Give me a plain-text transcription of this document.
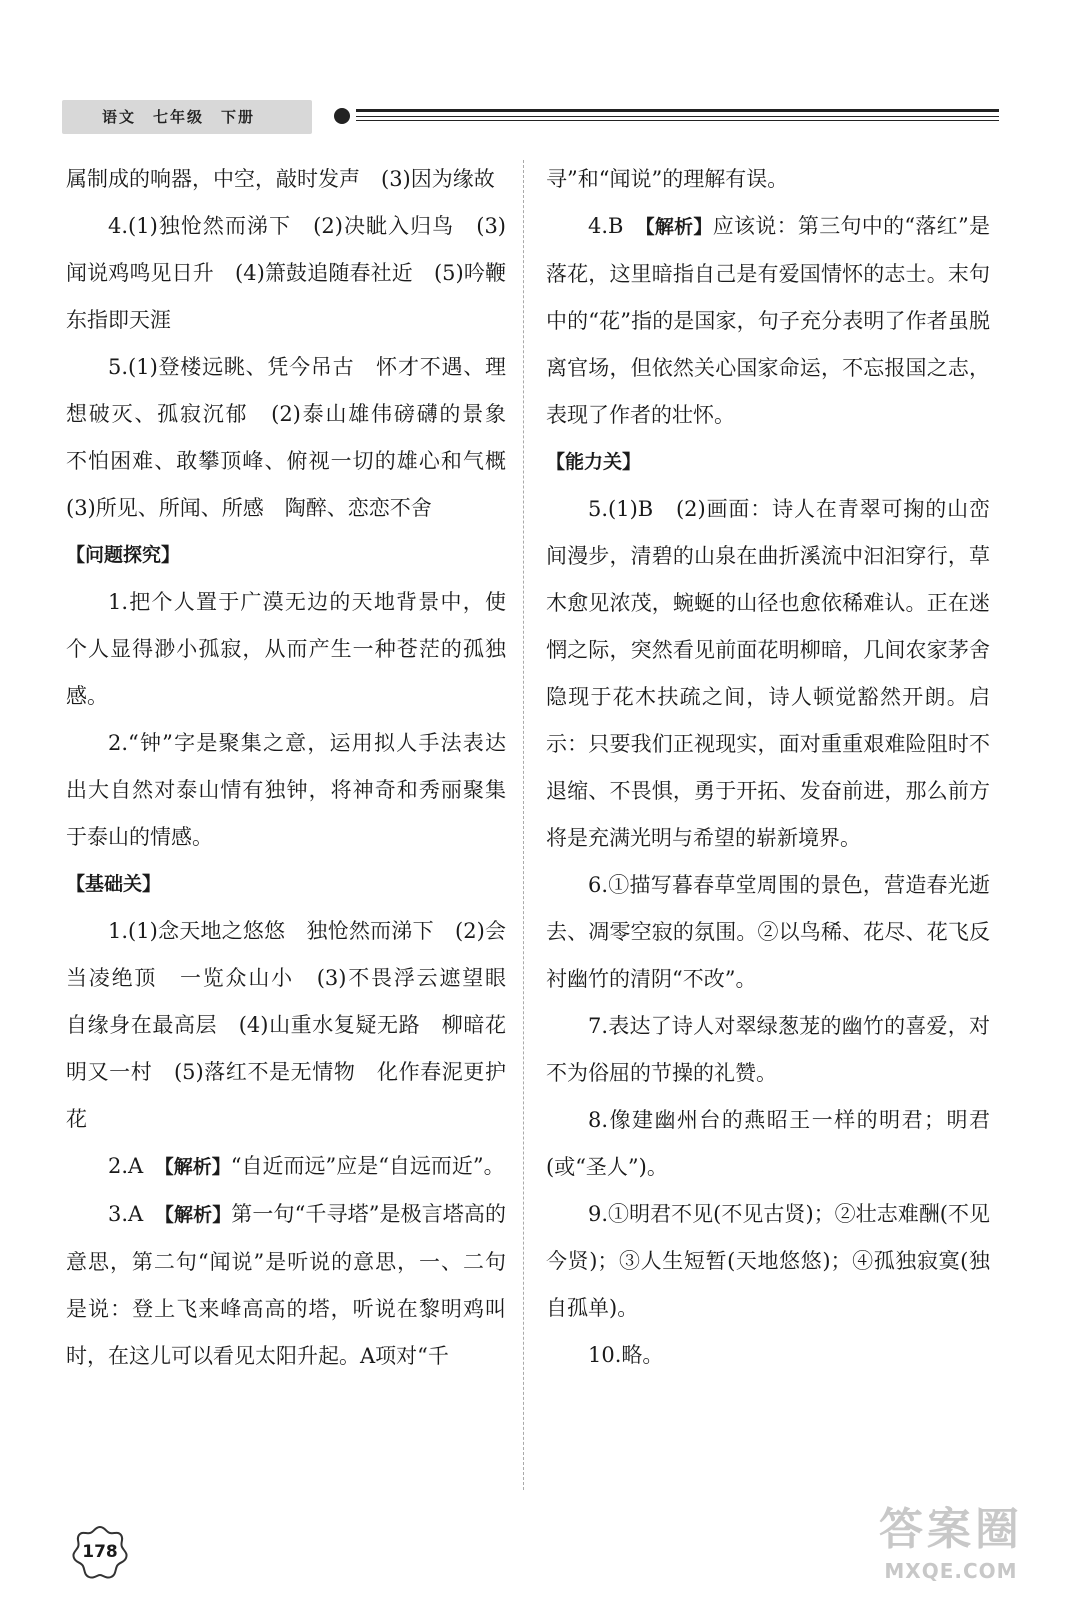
语文　七年级　下册

属制成的响器，中空，敲时发声　(3)因为缘故

4.(1)独怆然而涕下　(2)决眦入归鸟　(3)闻说鸡鸣见日升　(4)箫鼓追随春社近　(5)吟鞭东指即天涯

5.(1)登楼远眺、凭今吊古　怀才不遇、理想破灭、孤寂沉郁　(2)泰山雄伟磅礴的景象　不怕困难、敢攀顶峰、俯视一切的雄心和气概　(3)所见、所闻、所感　陶醉、恋恋不舍

【问题探究】

1.把个人置于广漠无边的天地背景中，使个人显得渺小孤寂，从而产生一种苍茫的孤独感。

2.“钟”字是聚集之意，运用拟人手法表达出大自然对泰山情有独钟，将神奇和秀丽聚集于泰山的情感。

【基础关】

1.(1)念天地之悠悠　独怆然而涕下　(2)会当凌绝顶　一览众山小　(3)不畏浮云遮望眼　自缘身在最高层　(4)山重水复疑无路　柳暗花明又一村　(5)落红不是无情物　化作春泥更护花

2.A　【解析】“自近而远”应是“自远而近”。

3.A　【解析】第一句“千寻塔”是极言塔高的意思，第二句“闻说”是听说的意思，一、二句是说：登上飞来峰高高的塔，听说在黎明鸡叫时，在这儿可以看见太阳升起。A项对“千

寻”和“闻说”的理解有误。

4.B　【解析】应该说：第三句中的“落红”是落花，这里暗指自己是有爱国情怀的志士。末句中的“花”指的是国家，句子充分表明了作者虽脱离官场，但依然关心国家命运，不忘报国之志，表现了作者的壮怀。

【能力关】

5.(1)B　(2)画面：诗人在青翠可掬的山峦间漫步，清碧的山泉在曲折溪流中汩汩穿行，草木愈见浓茂，蜿蜒的山径也愈依稀难认。正在迷惘之际，突然看见前面花明柳暗，几间农家茅舍隐现于花木扶疏之间，诗人顿觉豁然开朗。启示：只要我们正视现实，面对重重艰难险阻时不退缩、不畏惧，勇于开拓、发奋前进，那么前方将是充满光明与希望的崭新境界。

6.①描写暮春草堂周围的景色，营造春光逝去、凋零空寂的氛围。②以鸟稀、花尽、花飞反衬幽竹的清阴“不改”。

7.表达了诗人对翠绿葱茏的幽竹的喜爱，对不为俗屈的节操的礼赞。

8.像建幽州台的燕昭王一样的明君；明君(或“圣人”)。

9.①明君不见(不见古贤)；②壮志难酬(不见今贤)；③人生短暂(天地悠悠)；④孤独寂寞(独自孤单)。

10.略。

178	答案圈
MXQE.COM
